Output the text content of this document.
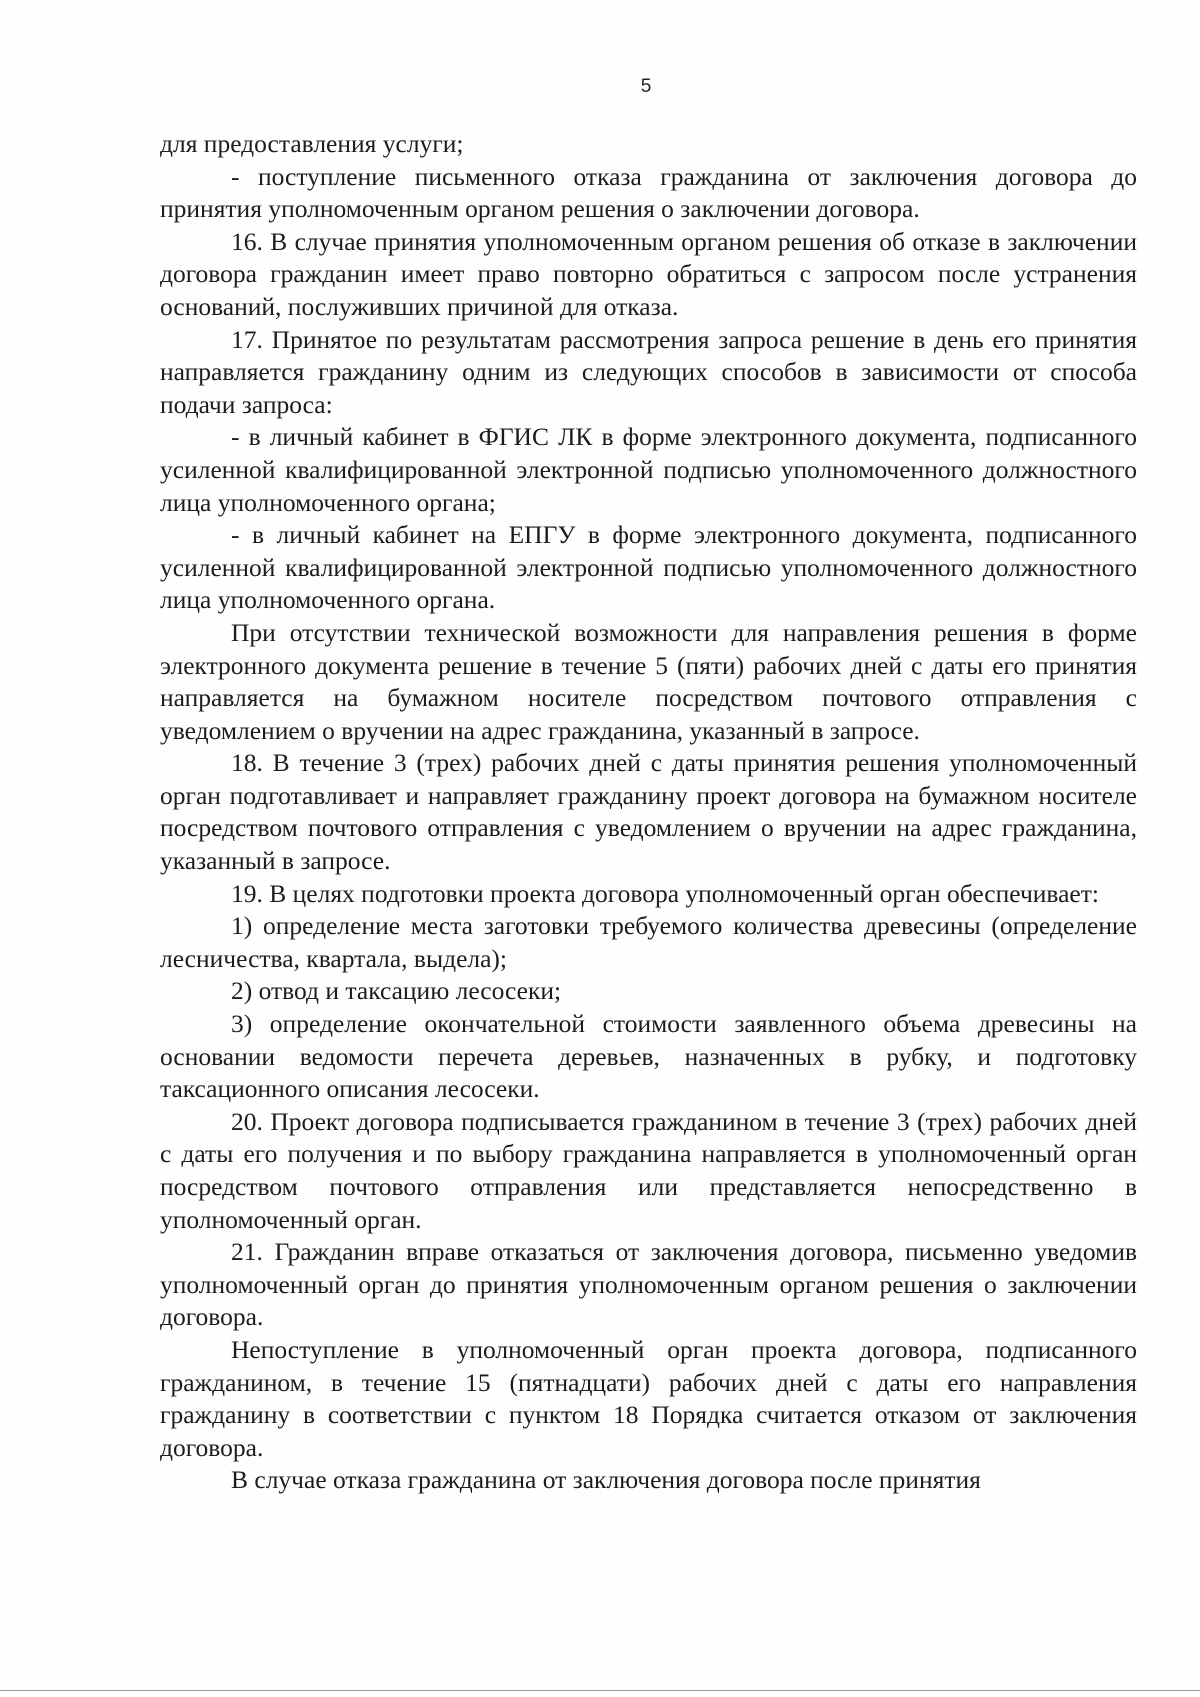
5

для предоставления услуги;

- поступление письменного отказа гражданина от заключения договора до принятия уполномоченным органом решения о заключении договора.

16. В случае принятия уполномоченным органом решения об отказе в заключении договора гражданин имеет право повторно обратиться с запросом после устранения оснований, послуживших причиной для отказа.

17. Принятое по результатам рассмотрения запроса решение в день его принятия направляется гражданину одним из следующих способов в зависимости от способа подачи запроса:

- в личный кабинет в ФГИС ЛК в форме электронного документа, подписанного усиленной квалифицированной электронной подписью уполномоченного должностного лица уполномоченного органа;

- в личный кабинет на ЕПГУ в форме электронного документа, подписанного усиленной квалифицированной электронной подписью уполномоченного должностного лица уполномоченного органа.

При отсутствии технической возможности для направления решения в форме электронного документа решение в течение 5 (пяти) рабочих дней с даты его принятия направляется на бумажном носителе посредством почтового отправления с уведомлением о вручении на адрес гражданина, указанный в запросе.

18. В течение 3 (трех) рабочих дней с даты принятия решения уполномоченный орган подготавливает и направляет гражданину проект договора на бумажном носителе посредством почтового отправления с уведомлением о вручении на адрес гражданина, указанный в запросе.

19. В целях подготовки проекта договора уполномоченный орган обеспечивает:

1) определение места заготовки требуемого количества древесины (определение лесничества, квартала, выдела);

2) отвод и таксацию лесосеки;

3) определение окончательной стоимости заявленного объема древесины на основании ведомости перечета деревьев, назначенных в рубку, и подготовку таксационного описания лесосеки.

20. Проект договора подписывается гражданином в течение 3 (трех) рабочих дней с даты его получения и по выбору гражданина направляется в уполномоченный орган посредством почтового отправления или представляется непосредственно в уполномоченный орган.

21. Гражданин вправе отказаться от заключения договора, письменно уведомив уполномоченный орган до принятия уполномоченным органом решения о заключении договора.

Непоступление в уполномоченный орган проекта договора, подписанного гражданином, в течение 15 (пятнадцати) рабочих дней с даты его направления гражданину в соответствии с пунктом 18 Порядка считается отказом от заключения договора.

В случае отказа гражданина от заключения договора после принятия
